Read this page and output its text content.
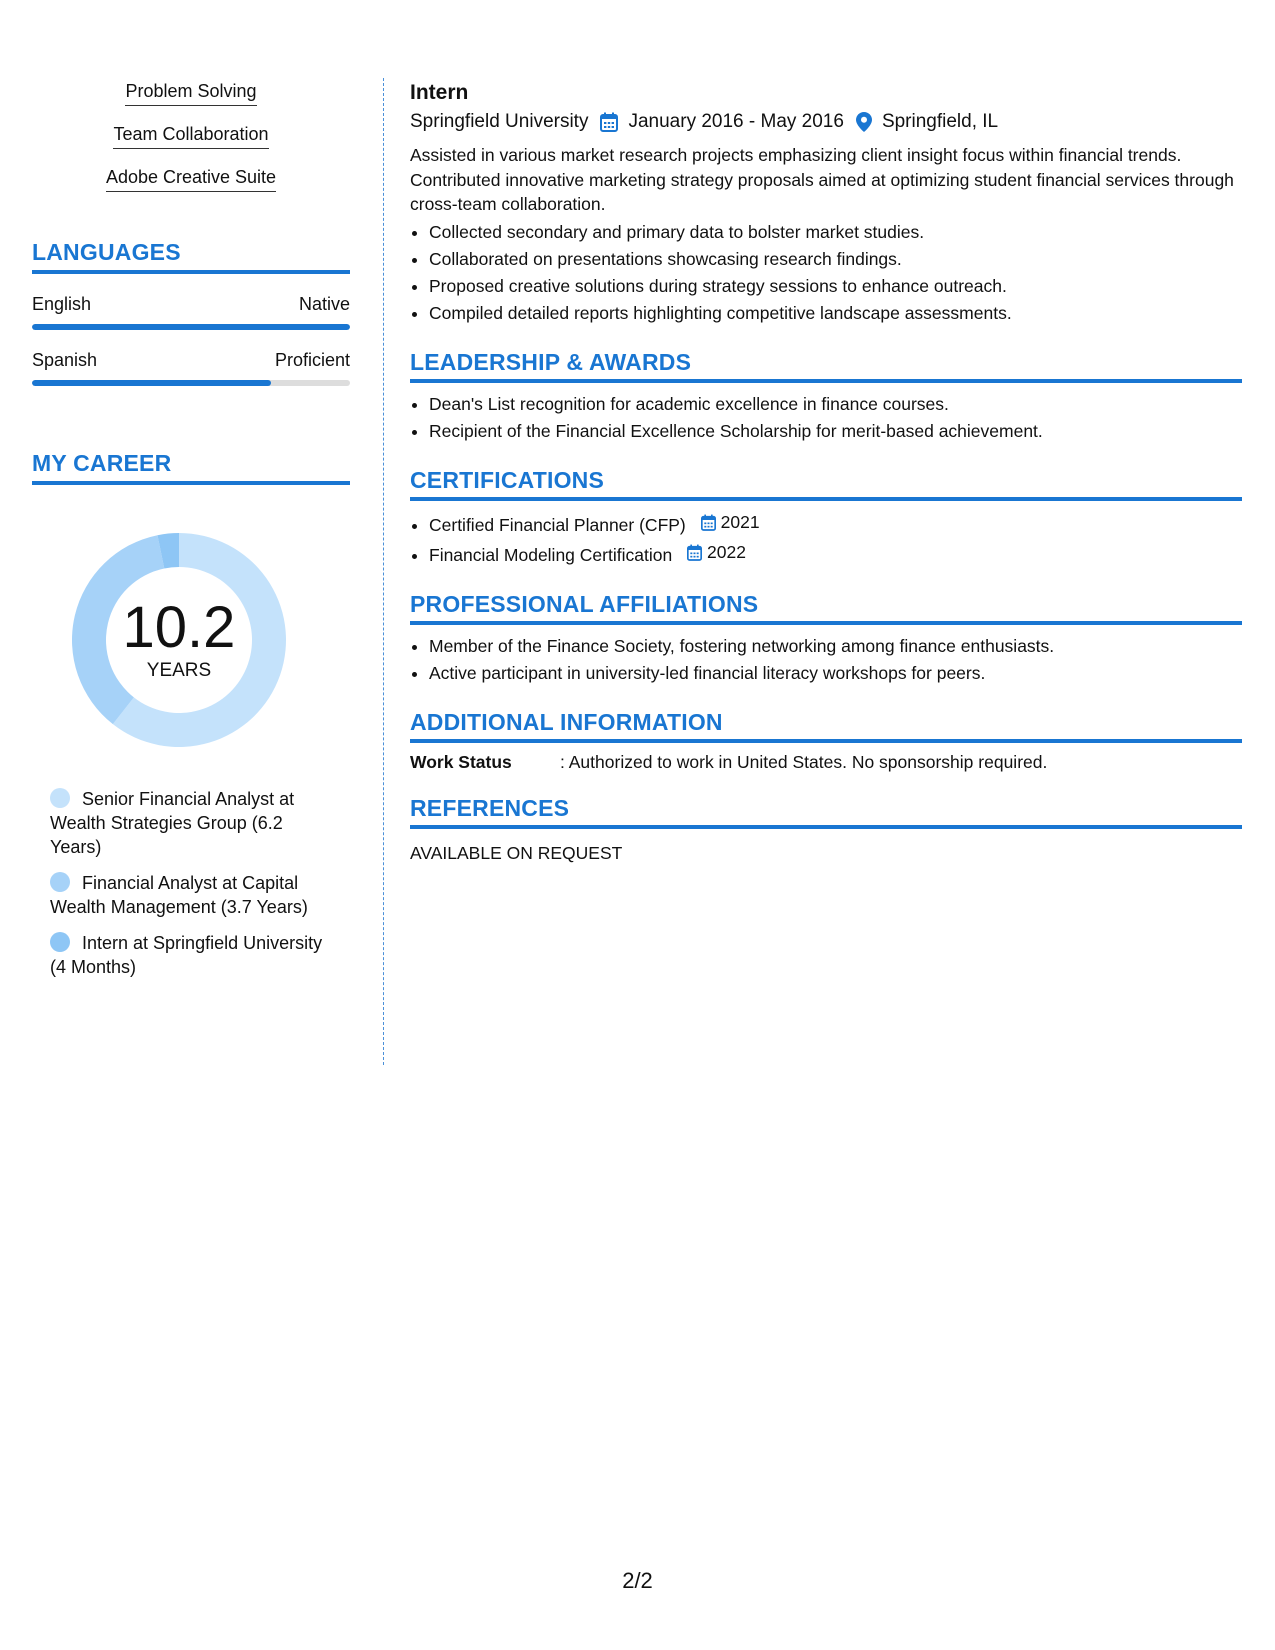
Problem Solving
Team Collaboration
Adobe Creative Suite
LANGUAGES
English	Native
Spanish	Proficient
MY CAREER
10.2
YEARS
Senior Financial Analyst at Wealth Strategies Group (6.2 Years)
Financial Analyst at Capital Wealth Management (3.7 Years)
Intern at Springfield University (4 Months)
Intern
Springfield University January 2016 - May 2016 Springfield, IL
Assisted in various market research projects emphasizing client insight focus within financial trends. Contributed innovative marketing strategy proposals aimed at optimizing student financial services through cross-team collaboration.
• Collected secondary and primary data to bolster market studies.
• Collaborated on presentations showcasing research findings.
• Proposed creative solutions during strategy sessions to enhance outreach.
• Compiled detailed reports highlighting competitive landscape assessments.
LEADERSHIP & AWARDS
• Dean's List recognition for academic excellence in finance courses.
• Recipient of the Financial Excellence Scholarship for merit-based achievement.
CERTIFICATIONS
• Certified Financial Planner (CFP) 2021
• Financial Modeling Certification 2022
PROFESSIONAL AFFILIATIONS
• Member of the Finance Society, fostering networking among finance enthusiasts.
• Active participant in university-led financial literacy workshops for peers.
ADDITIONAL INFORMATION
Work Status	: Authorized to work in United States. No sponsorship required.
REFERENCES
AVAILABLE ON REQUEST
2/2
